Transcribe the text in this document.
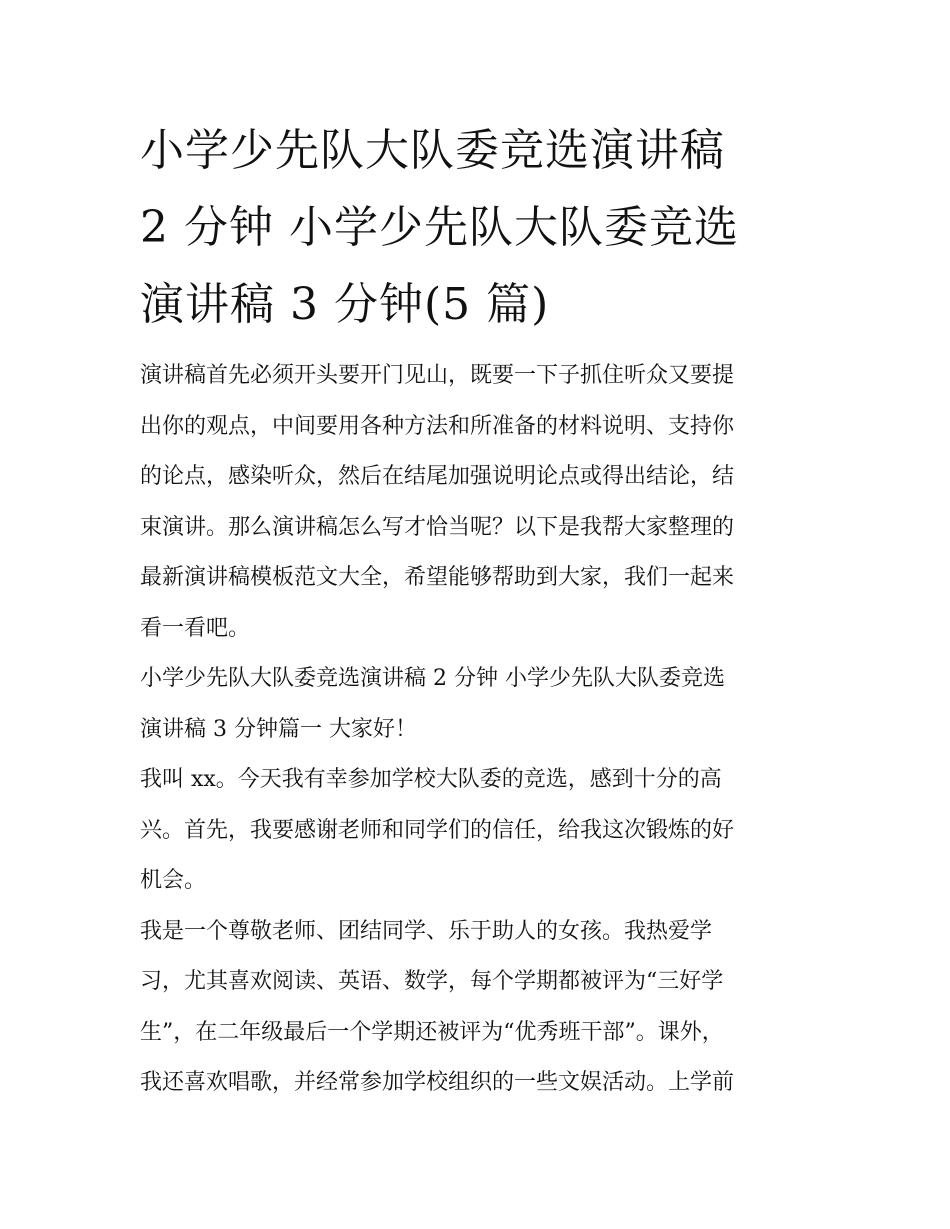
小学少先队大队委竞选演讲稿
2 分钟 小学少先队大队委竞选
演讲稿 3 分钟(5 篇)

演讲稿首先必须开头要开门见山，既要一下子抓住听众又要提
出你的观点，中间要用各种方法和所准备的材料说明、支持你
的论点，感染听众，然后在结尾加强说明论点或得出结论，结
束演讲。那么演讲稿怎么写才恰当呢？以下是我帮大家整理的
最新演讲稿模板范文大全，希望能够帮助到大家，我们一起来
看一看吧。

小学少先队大队委竞选演讲稿 2 分钟 小学少先队大队委竞选
演讲稿 3 分钟篇一 大家好！

我叫 xx。今天我有幸参加学校大队委的竞选，感到十分的高
兴。首先，我要感谢老师和同学们的信任，给我这次锻炼的好
机会。

我是一个尊敬老师、团结同学、乐于助人的女孩。我热爱学
习，尤其喜欢阅读、英语、数学，每个学期都被评为“三好学
生”，在二年级最后一个学期还被评为“优秀班干部”。课外，
我还喜欢唱歌，并经常参加学校组织的一些文娱活动。上学前
